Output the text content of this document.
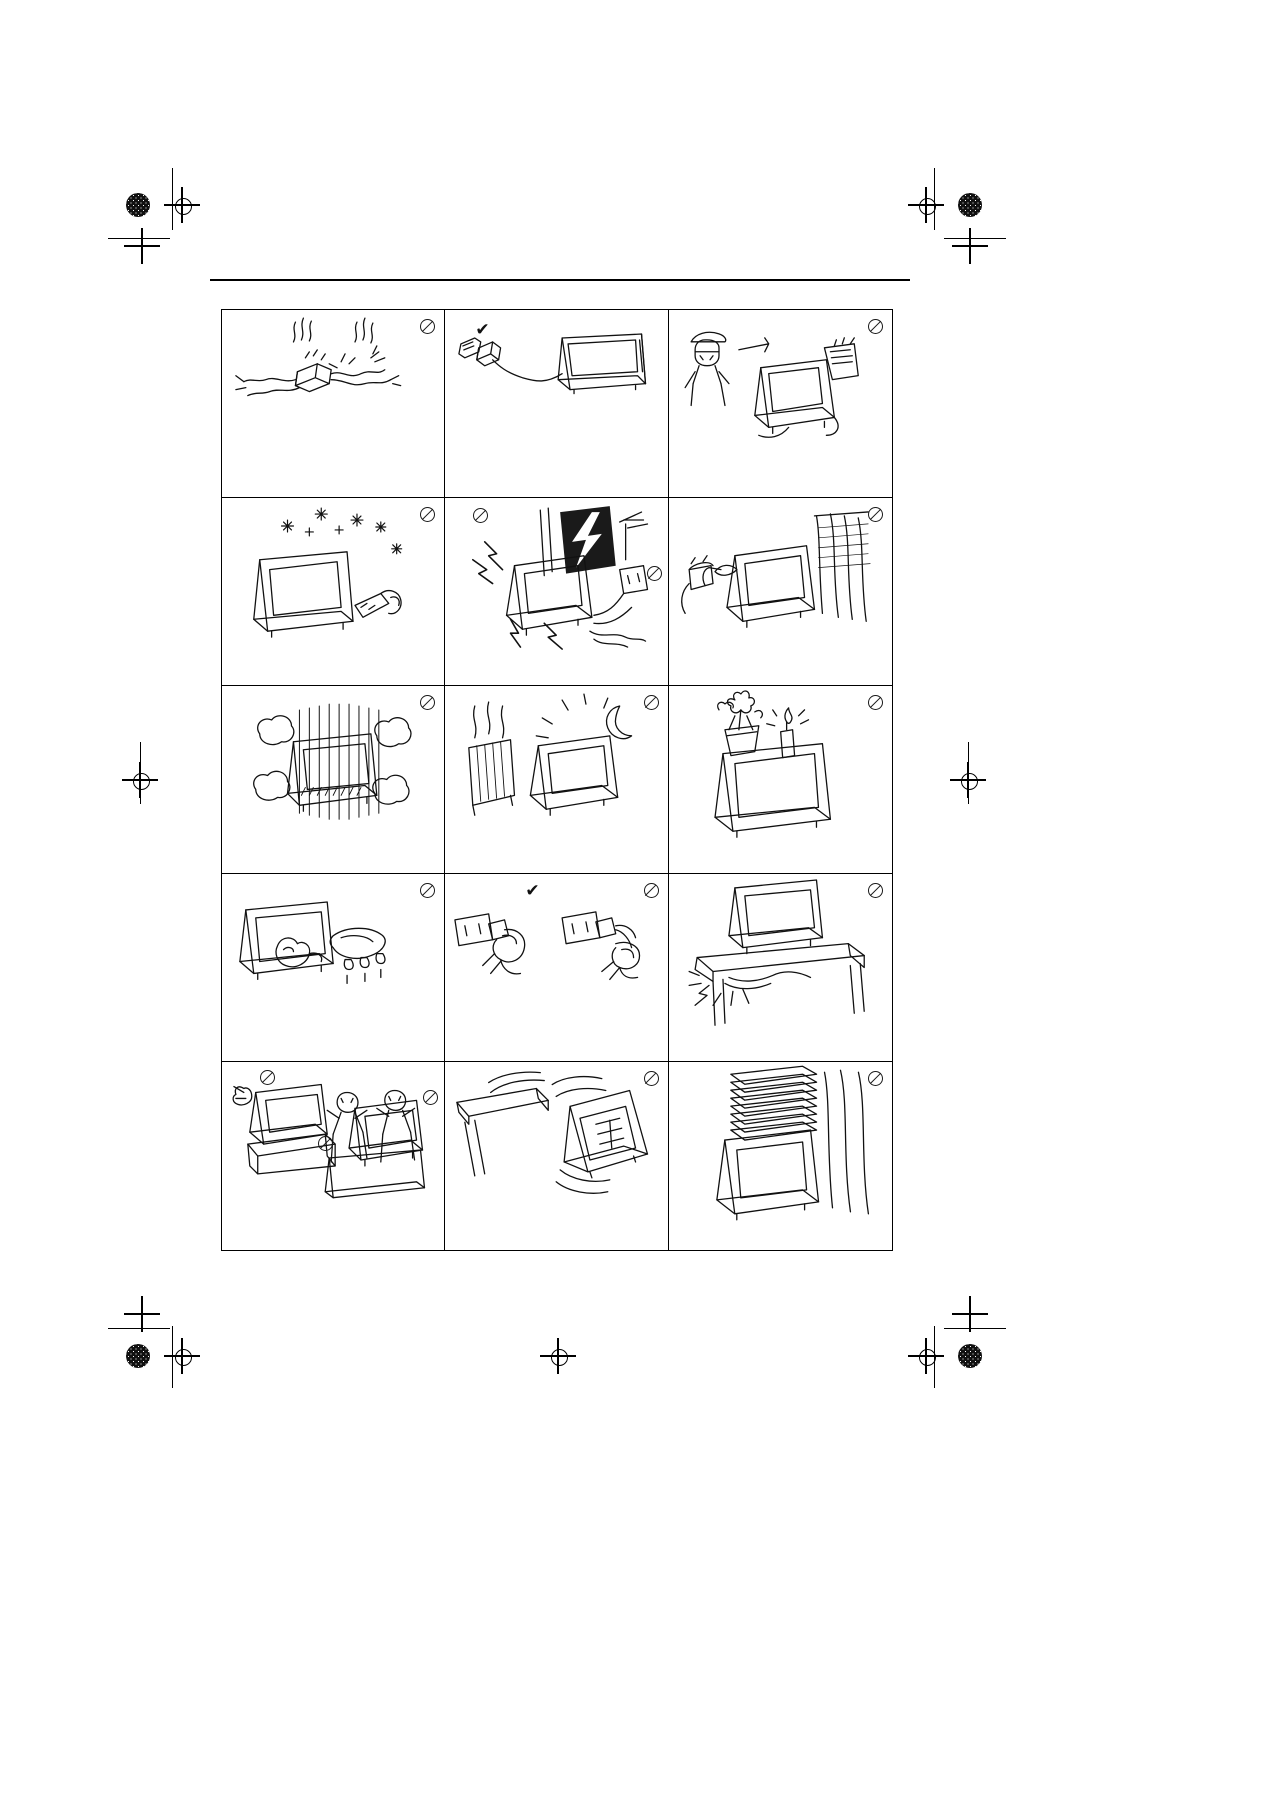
✔
✔
